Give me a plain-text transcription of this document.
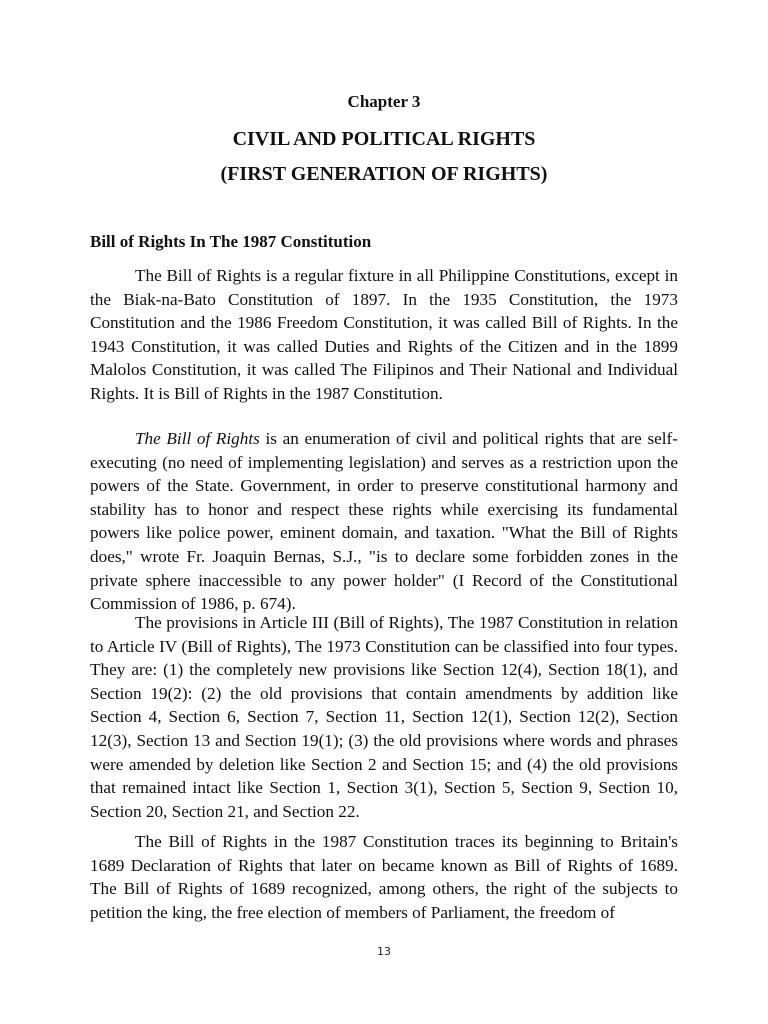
Chapter 3
CIVIL AND POLITICAL RIGHTS
(FIRST GENERATION OF RIGHTS)
Bill of Rights In The 1987 Constitution

The Bill of Rights is a regular fixture in all Philippine Constitutions, except in the Biak-na-Bato Constitution of 1897. In the 1935 Constitution, the 1973 Constitution and the 1986 Freedom Constitution, it was called Bill of Rights. In the 1943 Constitution, it was called Duties and Rights of the Citizen and in the 1899 Malolos Constitution, it was called The Filipinos and Their National and Individual Rights. It is Bill of Rights in the 1987 Constitution.

The Bill of Rights is an enumeration of civil and political rights that are self-executing (no need of implementing legislation) and serves as a restriction upon the powers of the State. Government, in order to preserve constitutional harmony and stability has to honor and respect these rights while exercising its fundamental powers like police power, eminent domain, and taxation. "What the Bill of Rights does," wrote Fr. Joaquin Bernas, S.J., "is to declare some forbidden zones in the private sphere inaccessible to any power holder" (I Record of the Constitutional Commission of 1986, p. 674).

The provisions in Article III (Bill of Rights), The 1987 Constitution in relation to Article IV (Bill of Rights), The 1973 Constitution can be classified into four types. They are: (1) the completely new provisions like Section 12(4), Section 18(1), and Section 19(2): (2) the old provisions that contain amendments by addition like Section 4, Section 6, Section 7, Section 11, Section 12(1), Section 12(2), Section 12(3), Section 13 and Section 19(1); (3) the old provisions where words and phrases were amended by deletion like Section 2 and Section 15; and (4) the old provisions that remained intact like Section 1, Section 3(1), Section 5, Section 9, Section 10, Section 20, Section 21, and Section 22.

The Bill of Rights in the 1987 Constitution traces its beginning to Britain's 1689 Declaration of Rights that later on became known as Bill of Rights of 1689. The Bill of Rights of 1689 recognized, among others, the right of the subjects to petition the king, the free election of members of Parliament, the freedom of

13
